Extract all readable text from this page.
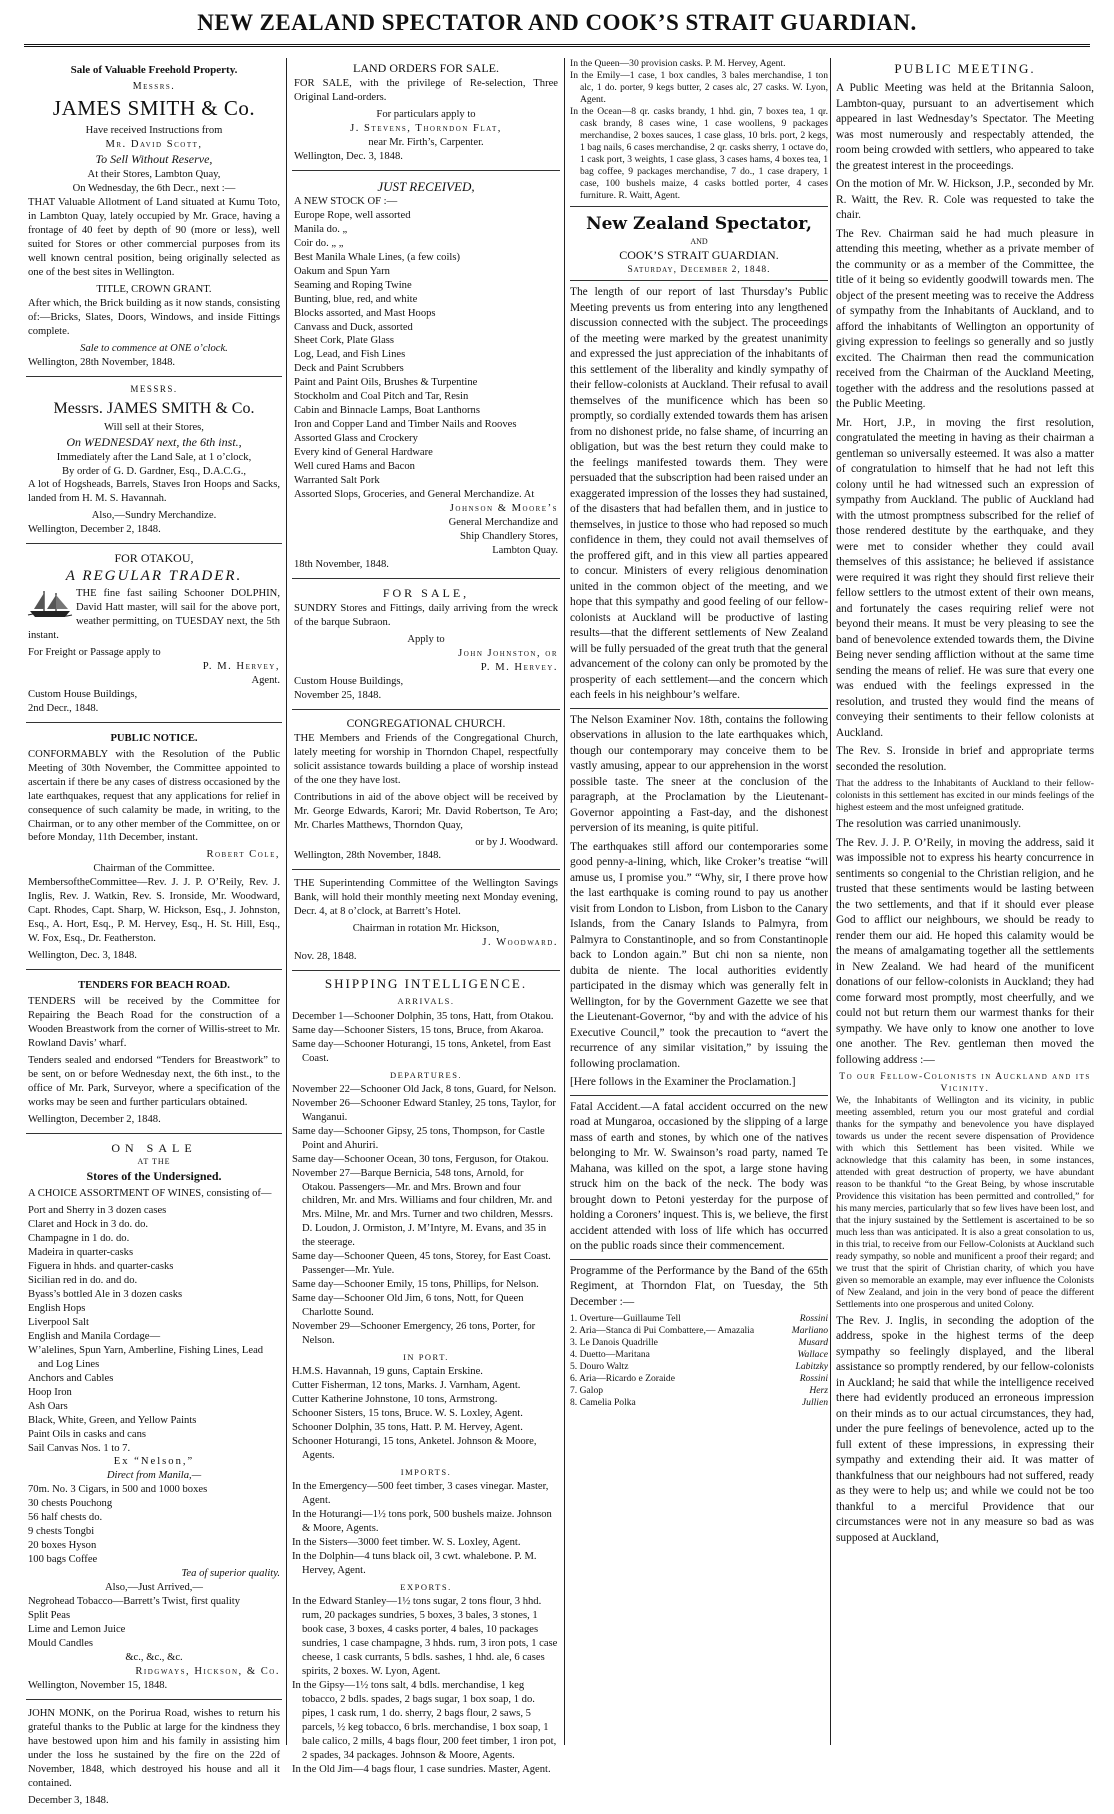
NEW ZEALAND SPECTATOR AND COOK’S STRAIT GUARDIAN.
Sale of Valuable Freehold Property.
Messrs.
JAMES SMITH & Co.
Have received Instructions from
Mr. David Scott,
To Sell Without Reserve,
At their Stores, Lambton Quay,
On Wednesday, the 6th Decr., next :—

THAT Valuable Allotment of Land situated at Kumu Toto, in Lambton Quay, lately occupied by Mr. Grace, having a frontage of 40 feet by depth of 90 (more or less), well suited for Stores or other commercial purposes from its well known central position, being originally selected as one of the best sites in Wellington.

TITLE, CROWN GRANT.

After which, the Brick building as it now stands, consisting of:—Bricks, Slates, Doors, Windows, and inside Fittings complete.

Sale to commence at ONE o’clock.
Wellington, 28th November, 1848.
MESSRS.
Messrs. JAMES SMITH & Co.
Will sell at their Stores,
On WEDNESDAY next, the 6th inst.,
Immediately after the Land Sale, at 1 o’clock,
By order of G. D. Gardner, Esq., D.A.C.G.,

A lot of Hogsheads, Barrels, Staves Iron Hoops and Sacks, landed from H. M. S. Havannah.

Also,—Sundry Merchandize.
Wellington, December 2, 1848.
FOR OTAKOU,
A REGULAR TRADER.

THE fine fast sailing Schooner DOLPHIN, David Hatt master, will sail for the above port, weather permitting, on TUESDAY next, the 5th instant.

For Freight or Passage apply to
P. M. Hervey,
Agent.
Custom House Buildings,
2nd Decr., 1848.
PUBLIC NOTICE.

CONFORMABLY with the Resolution of the Public Meeting of 30th November, the Committee appointed to ascertain if there be any cases of distress occasioned by the late earthquakes, request that any applications for relief in consequence of such calamity be made, in writing, to the Chairman, or to any other member of the Committee, on or before Monday, 11th December, instant.

Robert Cole,
Chairman of the Committee.

MembersoftheCommittee—Rev. J. J. P. O’Reily, Rev. J. Inglis, Rev. J. Watkin, Rev. S. Ironside, Mr. Woodward, Capt. Rhodes, Capt. Sharp, W. Hickson, Esq., J. Johnston, Esq., A. Hort, Esq., P. M. Hervey, Esq., H. St. Hill, Esq., W. Fox, Esq., Dr. Featherston.

Wellington, Dec. 3, 1848.
TENDERS FOR BEACH ROAD.

TENDERS will be received by the Committee for Repairing the Beach Road for the construction of a Wooden Breastwork from the corner of Willis-street to Mr. Rowland Davis’ wharf.

Tenders sealed and endorsed “Tenders for Breastwork” to be sent, on or before Wednesday next, the 6th inst., to the office of Mr. Park, Surveyor, where a specification of the works may be seen and further particulars obtained.

Wellington, December 2, 1848.
ON SALE
AT THE
Stores of the Undersigned.

A CHOICE ASSORTMENT OF WINES, consisting of—

Port and Sherry in 3 dozen cases
Claret and Hock in 3 do. do.
Champagne in 1 do. do.
Madeira in quarter-casks
Figuera in hhds. and quarter-casks
Sicilian red in do. and do.
Byass’s bottled Ale in 3 dozen casks
English Hops
Liverpool Salt
English and Manila Cordage—
W’alelines, Spun Yarn, Amberline, Fishing Lines, Lead and Log Lines
Anchors and Cables
Hoop Iron
Ash Oars
Black, White, Green, and Yellow Paints
Paint Oils in casks and cans
Sail Canvas Nos. 1 to 7.
Ex “Nelson,”
Direct from Manila,—
70m. No. 3 Cigars, in 500 and 1000 boxes
30 chests Pouchong
56 half chests do.
9 chests Tongbi
20 boxes Hyson
100 bags Coffee
Tea of superior quality.
Also,—Just Arrived,—
Negrohead Tobacco—Barrett’s Twist, first quality
Split Peas
Lime and Lemon Juice
Mould Candles
&c., &c., &c.
Ridgways, Hickson, & Co.
Wellington, November 15, 1848.

JOHN MONK, on the Porirua Road, wishes to return his grateful thanks to the Public at large for the kindness they have bestowed upon him and his family in assisting him under the loss he sustained by the fire on the 22d of November, 1848, which destroyed his house and all it contained.

December 3, 1848.
LAND ORDERS FOR SALE.

FOR SALE, with the privilege of Re-selection, Three Original Land-orders.

For particulars apply to
J. Stevens, Thorndon Flat,
near Mr. Firth’s, Carpenter.
Wellington, Dec. 3, 1848.
JUST RECEIVED,
A NEW STOCK OF :—
Europe Rope, well assorted
Manila do. „
Coir do. „ „
Best Manila Whale Lines, (a few coils)
Oakum and Spun Yarn
Seaming and Roping Twine
Bunting, blue, red, and white
Blocks assorted, and Mast Hoops
Canvass and Duck, assorted
Sheet Cork, Plate Glass
Log, Lead, and Fish Lines
Deck and Paint Scrubbers
Paint and Paint Oils, Brushes & Turpentine
Stockholm and Coal Pitch and Tar, Resin
Cabin and Binnacle Lamps, Boat Lanthorns
Iron and Copper Land and Timber Nails and Rooves
Assorted Glass and Crockery
Every kind of General Hardware
Well cured Hams and Bacon
Warranted Salt Pork
Assorted Slops, Groceries, and General Merchandize. At
Johnson & Moore’s
General Merchandize and
Ship Chandlery Stores,
Lambton Quay.
18th November, 1848.
FOR SALE,

SUNDRY Stores and Fittings, daily arriving from the wreck of the barque Subraon.

Apply to
John Johnston, or
P. M. Hervey.
Custom House Buildings,
November 25, 1848.
CONGREGATIONAL CHURCH.

THE Members and Friends of the Congregational Church, lately meeting for worship in Thorndon Chapel, respectfully solicit assistance towards building a place of worship instead of the one they have lost.

Contributions in aid of the above object will be received by Mr. George Edwards, Karori; Mr. David Robertson, Te Aro; Mr. Charles Matthews, Thorndon Quay,

or by J. Woodward.
Wellington, 28th November, 1848.

THE Superintending Committee of the Wellington Savings Bank, will hold their monthly meeting next Monday evening, Decr. 4, at 8 o’clock, at Barrett’s Hotel.

Chairman in rotation Mr. Hickson,
J. Woodward.
Nov. 28, 1848.
SHIPPING INTELLIGENCE.
ARRIVALS.
December 1—Schooner Dolphin, 35 tons, Hatt, from Otakou.
Same day—Schooner Sisters, 15 tons, Bruce, from Akaroa.
Same day—Schooner Hoturangi, 15 tons, Anketel, from East Coast.
DEPARTURES.
November 22—Schooner Old Jack, 8 tons, Guard, for Nelson.
November 26—Schooner Edward Stanley, 25 tons, Taylor, for Wanganui.
Same day—Schooner Gipsy, 25 tons, Thompson, for Castle Point and Ahuriri.
Same day—Schooner Ocean, 30 tons, Ferguson, for Otakou.
November 27—Barque Bernicia, 548 tons, Arnold, for Otakou. Passengers—Mr. and Mrs. Brown and four children, Mr. and Mrs. Williams and four children, Mr. and Mrs. Milne, Mr. and Mrs. Turner and two children, Messrs. D. Loudon, J. Ormiston, J. M’Intyre, M. Evans, and 35 in the steerage.
Same day—Schooner Queen, 45 tons, Storey, for East Coast. Passenger—Mr. Yule.
Same day—Schooner Emily, 15 tons, Phillips, for Nelson.
Same day—Schooner Old Jim, 6 tons, Nott, for Queen Charlotte Sound.
November 29—Schooner Emergency, 26 tons, Porter, for Nelson.
IN PORT.
H.M.S. Havannah, 19 guns, Captain Erskine.
Cutter Fisherman, 12 tons, Marks. J. Varnham, Agent.
Cutter Katherine Johnstone, 10 tons, Armstrong.
Schooner Sisters, 15 tons, Bruce. W. S. Loxley, Agent.
Schooner Dolphin, 35 tons, Hatt. P. M. Hervey, Agent.
Schooner Hoturangi, 15 tons, Anketel. Johnson & Moore, Agents.
IMPORTS.
In the Emergency—500 feet timber, 3 cases vinegar. Master, Agent.
In the Hoturangi—1½ tons pork, 500 bushels maize. Johnson & Moore, Agents.
In the Sisters—3000 feet timber. W. S. Loxley, Agent.
In the Dolphin—4 tuns black oil, 3 cwt. whalebone. P. M. Hervey, Agent.
EXPORTS.
In the Edward Stanley—1½ tons sugar, 2 tons flour, 3 hhd. rum, 20 packages sundries, 5 boxes, 3 bales, 3 stones, 1 book case, 3 boxes, 4 casks porter, 4 bales, 10 packages sundries, 1 case champagne, 3 hhds. rum, 3 iron pots, 1 case cheese, 1 cask currants, 5 bdls. sashes, 1 hhd. ale, 6 cases spirits, 2 boxes. W. Lyon, Agent.
In the Gipsy—1½ tons salt, 4 bdls. merchandise, 1 keg tobacco, 2 bdls. spades, 2 bags sugar, 1 box soap, 1 do. pipes, 1 cask rum, 1 do. sherry, 2 bags flour, 2 saws, 5 parcels, ½ keg tobacco, 6 brls. merchandise, 1 box soap, 1 bale calico, 2 mills, 4 bags flour, 200 feet timber, 1 iron pot, 2 spades, 34 packages. Johnson & Moore, Agents.
In the Old Jim—4 bags flour, 1 case sundries. Master, Agent.

In the Queen—30 provision casks. P. M. Hervey, Agent.

In the Emily—1 case, 1 box candles, 3 bales merchandise, 1 ton alc, 1 do. porter, 9 kegs butter, 2 cases alc, 27 casks. W. Lyon, Agent.

In the Ocean—8 qr. casks brandy, 1 hhd. gin, 7 boxes tea, 1 qr. cask brandy, 8 cases wine, 1 case woollens, 9 packages merchandise, 2 boxes sauces, 1 case glass, 10 brls. port, 2 kegs, 1 bag nails, 6 cases merchandise, 2 qr. casks sherry, 1 octave do, 1 cask port, 3 weights, 1 case glass, 3 cases hams, 4 boxes tea, 1 bag coffee, 9 packages merchandise, 7 do., 1 case drapery, 1 case, 100 bushels maize, 4 casks bottled porter, 4 cases furniture. R. Waitt, Agent.

New Zealand Spectator,
AND
COOK’S STRAIT GUARDIAN.
Saturday, December 2, 1848.

The length of our report of last Thursday’s Public Meeting prevents us from entering into any lengthened discussion connected with the subject. The proceedings of the meeting were marked by the greatest unanimity and expressed the just appreciation of the inhabitants of this settlement of the liberality and kindly sympathy of their fellow-colonists at Auckland. Their refusal to avail themselves of the munificence which has been so promptly, so cordially extended towards them has arisen from no dishonest pride, no false shame, of incurring an obligation, but was the best return they could make to the feelings manifested towards them. They were persuaded that the subscription had been raised under an exaggerated impression of the losses they had sustained, of the disasters that had befallen them, and in justice to themselves, in justice to those who had reposed so much confidence in them, they could not avail themselves of the proffered gift, and in this view all parties appeared to concur. Ministers of every religious denomination united in the common object of the meeting, and we hope that this sympathy and good feeling of our fellow-colonists at Auckland will be productive of lasting results—that the different settlements of New Zealand will be fully persuaded of the great truth that the general advancement of the colony can only be promoted by the prosperity of each settlement—and the concern which each feels in his neighbour’s welfare.

The Nelson Examiner Nov. 18th, contains the following observations in allusion to the late earthquakes which, though our contemporary may conceive them to be vastly amusing, appear to our apprehension in the worst possible taste. The sneer at the conclusion of the paragraph, at the Proclamation by the Lieutenant-Governor appointing a Fast-day, and the dishonest perversion of its meaning, is quite pitiful.

The earthquakes still afford our contemporaries some good penny-a-lining, which, like Croker’s treatise “will amuse us, I promise you.” “Why, sir, I there prove how the last earthquake is coming round to pay us another visit from London to Lisbon, from Lisbon to the Canary Islands, from the Canary Islands to Palmyra, from Palmyra to Constantinople, and so from Constantinople back to London again.” But chi non sa niente, non dubita de niente. The local authorities evidently participated in the dismay which was generally felt in Wellington, for by the Government Gazette we see that the Lieutenant-Governor, “by and with the advice of his Executive Council,” took the precaution to “avert the recurrence of any similar visitation,” by issuing the following proclamation.

[Here follows in the Examiner the Proclamation.]

Fatal Accident.—A fatal accident occurred on the new road at Mungaroa, occasioned by the slipping of a large mass of earth and stones, by which one of the natives belonging to Mr. W. Swainson’s road party, named Te Mahana, was killed on the spot, a large stone having struck him on the back of the neck. The body was brought down to Petoni yesterday for the purpose of holding a Coroners’ inquest. This is, we believe, the first accident attended with loss of life which has occurred on the public roads since their commencement.

Programme of the Performance by the Band of the 65th Regiment, at Thorndon Flat, on Tuesday, the 5th December :—

1. Overture—Guillaume Tell	Rossini
2. Aria—Stanca di Pui Combattere,— Amazalia	Marliano
3. Le Danois Quadrille	Musard
4. Duetto—Maritana	Wallace
5. Douro Waltz	Labitzky
6. Aria—Ricardo e Zoraide	Rossini
7. Galop	Herz
8. Camelia Polka	Jullien
PUBLIC MEETING.

A Public Meeting was held at the Britannia Saloon, Lambton-quay, pursuant to an advertisement which appeared in last Wednesday’s Spectator. The Meeting was most numerously and respectably attended, the room being crowded with settlers, who appeared to take the greatest interest in the proceedings.

On the motion of Mr. W. Hickson, J.P., seconded by Mr. R. Waitt, the Rev. R. Cole was requested to take the chair.

The Rev. Chairman said he had much pleasure in attending this meeting, whether as a private member of the community or as a member of the Committee, the title of it being so evidently goodwill towards men. The object of the present meeting was to receive the Address of sympathy from the Inhabitants of Auckland, and to afford the inhabitants of Wellington an opportunity of giving expression to feelings so generally and so justly excited. The Chairman then read the communication received from the Chairman of the Auckland Meeting, together with the address and the resolutions passed at the Public Meeting.

Mr. Hort, J.P., in moving the first resolution, congratulated the meeting in having as their chairman a gentleman so universally esteemed. It was also a matter of congratulation to himself that he had not left this colony until he had witnessed such an expression of sympathy from Auckland. The public of Auckland had with the utmost promptness subscribed for the relief of those rendered destitute by the earthquake, and they were met to consider whether they could avail themselves of this assistance; he believed if assistance were required it was right they should first relieve their fellow settlers to the utmost extent of their own means, and fortunately the cases requiring relief were not beyond their means. It must be very pleasing to see the band of benevolence extended towards them, the Divine Being never sending affliction without at the same time sending the means of relief. He was sure that every one was endued with the feelings expressed in the resolution, and trusted they would find the means of conveying their sentiments to their fellow colonists at Auckland.

The Rev. S. Ironside in brief and appropriate terms seconded the resolution.

That the address to the Inhabitants of Auckland to their fellow-colonists in this settlement has excited in our minds feelings of the highest esteem and the most unfeigned gratitude.

The resolution was carried unanimously.

The Rev. J. J. P. O’Reily, in moving the address, said it was impossible not to express his hearty concurrence in sentiments so congenial to the Christian religion, and he trusted that these sentiments would be lasting between the two settlements, and that if it should ever please God to afflict our neighbours, we should be ready to render them our aid. He hoped this calamity would be the means of amalgamating together all the settlements in New Zealand. We had heard of the munificent donations of our fellow-colonists in Auckland; they had come forward most promptly, most cheerfully, and we could not but return them our warmest thanks for their sympathy. We have only to know one another to love one another. The Rev. gentleman then moved the following address :—

To our Fellow-Colonists in Auckland and its Vicinity.

We, the Inhabitants of Wellington and its vicinity, in public meeting assembled, return you our most grateful and cordial thanks for the sympathy and benevolence you have displayed towards us under the recent severe dispensation of Providence with which this Settlement has been visited. While we acknowledge that this calamity has been, in some instances, attended with great destruction of property, we have abundant reason to be thankful “to the Great Being, by whose inscrutable Providence this visitation has been permitted and controlled,” for his many mercies, particularly that so few lives have been lost, and that the injury sustained by the Settlement is ascertained to be so much less than was anticipated. It is also a great consolation to us, in this trial, to receive from our Fellow-Colonists at Auckland such ready sympathy, so noble and munificent a proof their regard; and we trust that the spirit of Christian charity, of which you have given so memorable an example, may ever influence the Colonists of New Zealand, and join in the very bond of peace the different Settlements into one prosperous and united Colony.

The Rev. J. Inglis, in seconding the adoption of the address, spoke in the highest terms of the deep sympathy so feelingly displayed, and the liberal assistance so promptly rendered, by our fellow-colonists in Auckland; he said that while the intelligence received there had evidently produced an erroneous impression on their minds as to our actual circumstances, they had, under the pure feelings of benevolence, acted up to the full extent of these impressions, in expressing their sympathy and extending their aid. It was matter of thankfulness that our neighbours had not suffered, ready as they were to help us; and while we could not be too thankful to a merciful Providence that our circumstances were not in any measure so bad as was supposed at Auckland,
